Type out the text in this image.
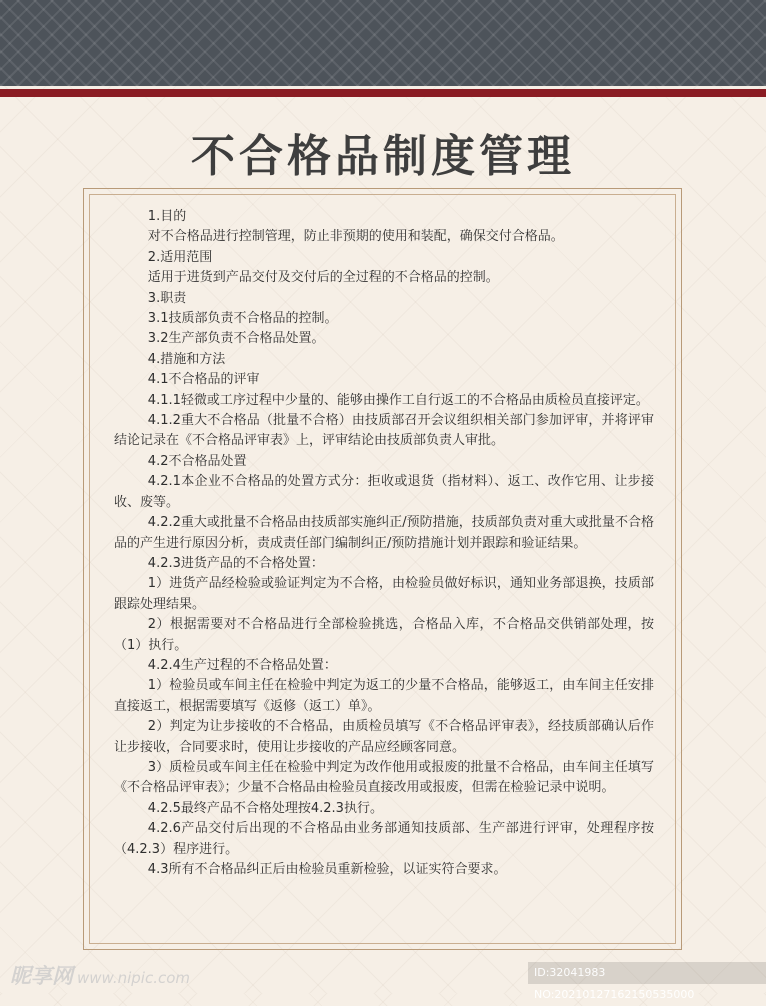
不合格品制度管理

1.目的

对不合格品进行控制管理，防止非预期的使用和装配，确保交付合格品。

2.适用范围

适用于进货到产品交付及交付后的全过程的不合格品的控制。

3.职责

3.1技质部负责不合格品的控制。

3.2生产部负责不合格品处置。

4.措施和方法

4.1不合格品的评审

4.1.1轻微或工序过程中少量的、能够由操作工自行返工的不合格品由质检员直接评定。

4.1.2重大不合格品（批量不合格）由技质部召开会议组织相关部门参加评审，并将评审结论记录在《不合格品评审表》上，评审结论由技质部负责人审批。

4.2不合格品处置

4.2.1本企业不合格品的处置方式分：拒收或退货（指材料）、返工、改作它用、让步接收、废等。

4.2.2重大或批量不合格品由技质部实施纠正/预防措施，技质部负责对重大或批量不合格品的产生进行原因分析，责成责任部门编制纠正/预防措施计划并跟踪和验证结果。

4.2.3进货产品的不合格处置：

1）进货产品经检验或验证判定为不合格，由检验员做好标识，通知业务部退换，技质部跟踪处理结果。

2）根据需要对不合格品进行全部检验挑选，合格品入库，不合格品交供销部处理，按（1）执行。

4.2.4生产过程的不合格品处置：

1）检验员或车间主任在检验中判定为返工的少量不合格品，能够返工，由车间主任安排直接返工，根据需要填写《返修（返工）单》。

2）判定为让步接收的不合格品，由质检员填写《不合格品评审表》，经技质部确认后作让步接收，合同要求时，使用让步接收的产品应经顾客同意。

3）质检员或车间主任在检验中判定为改作他用或报废的批量不合格品，由车间主任填写《不合格品评审表》；少量不合格品由检验员直接改用或报废，但需在检验记录中说明。

4.2.5最终产品不合格处理按4.2.3执行。

4.2.6产品交付后出现的不合格品由业务部通知技质部、生产部进行评审，处理程序按（4.2.3）程序进行。

4.3所有不合格品纠正后由检验员重新检验，以证实符合要求。

昵享网 www.nipic.com	ID:32041983 NO:20210127162150535000
